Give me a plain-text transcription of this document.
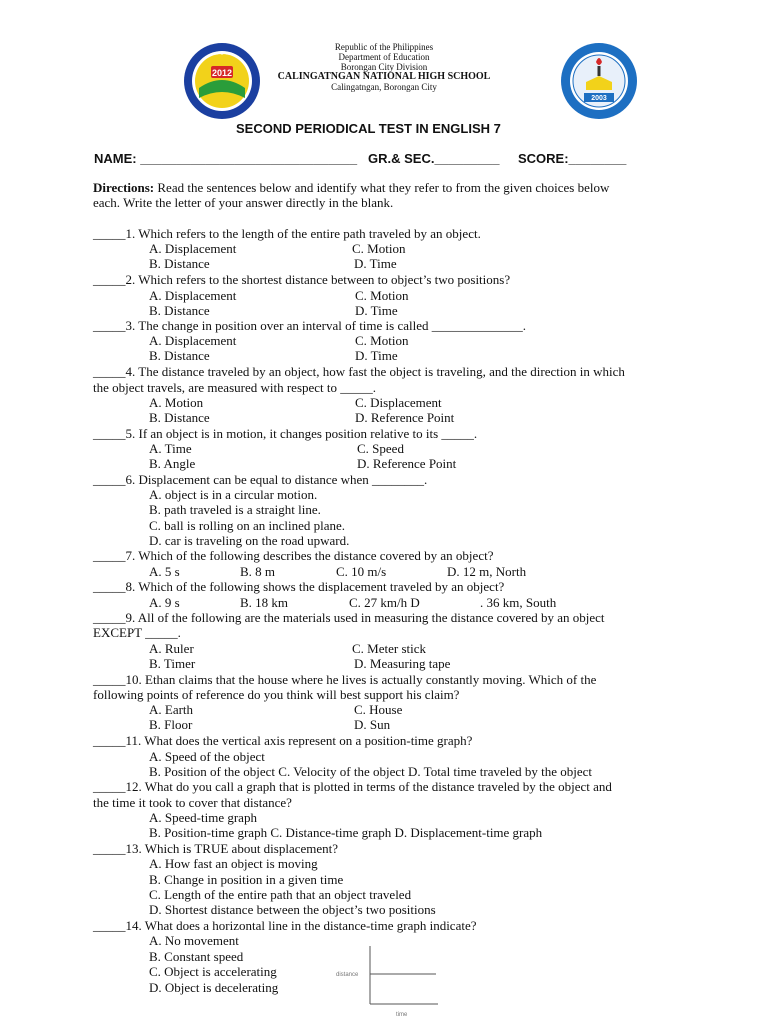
2012
★ ★ ★
2003
Republic of the Philippines
Department of Education
Borongan City Division
CALINGATNGAN NATIONAL HIGH SCHOOL
Calingatngan, Borongan City
SECOND PERIODICAL TEST IN ENGLISH 7
NAME: ______________________________ GR.& SEC._________ SCORE:________
Directions: Read the sentences below and identify what they refer to from the given choices below
each. Write the letter of your answer directly in the blank.
_____1. Which refers to the length of the entire path traveled by an object.
A. Displacement	C. Motion
B. Distance	D. Time
_____2. Which refers to the shortest distance between to object’s two positions?
A. Displacement	C. Motion
B. Distance	D. Time
_____3. The change in position over an interval of time is called ______________.
A. Displacement	C. Motion
B. Distance	D. Time
_____4. The distance traveled by an object, how fast the object is traveling, and the direction in which
the object travels, are measured with respect to _____.
A. Motion	C. Displacement
B. Distance	D. Reference Point
_____5. If an object is in motion, it changes position relative to its _____.
A. Time	C. Speed
B. Angle	D. Reference Point
_____6. Displacement can be equal to distance when ________.
A. object is in a circular motion.
B. path traveled is a straight line.
C. ball is rolling on an inclined plane.
D. car is traveling on the road upward.
_____7. Which of the following describes the distance covered by an object?
A. 5 s	B. 8 m	C. 10 m/s	D. 12 m, North
_____8. Which of the following shows the displacement traveled by an object?
A. 9 s	B. 18 km	C. 27 km/h D	. 36 km, South
_____9. All of the following are the materials used in measuring the distance covered by an object
EXCEPT _____.
A. Ruler	C. Meter stick
B. Timer	D. Measuring tape
_____10. Ethan claims that the house where he lives is actually constantly moving. Which of the
following points of reference do you think will best support his claim?
A. Earth	C. House
B. Floor	D. Sun
_____11. What does the vertical axis represent on a position-time graph?
A. Speed of the object
B. Position of the object C. Velocity of the object D. Total time traveled by the object
_____12. What do you call a graph that is plotted in terms of the distance traveled by the object and
the time it took to cover that distance?
A. Speed-time graph
B. Position-time graph C. Distance-time graph D. Displacement-time graph
_____13. Which is TRUE about displacement?
A. How fast an object is moving
B. Change in position in a given time
C. Length of the entire path that an object traveled
D. Shortest distance between the object’s two positions
_____14. What does a horizontal line in the distance-time graph indicate?
A. No movement
B. Constant speed
C. Object is accelerating
D. Object is decelerating
distance
time
